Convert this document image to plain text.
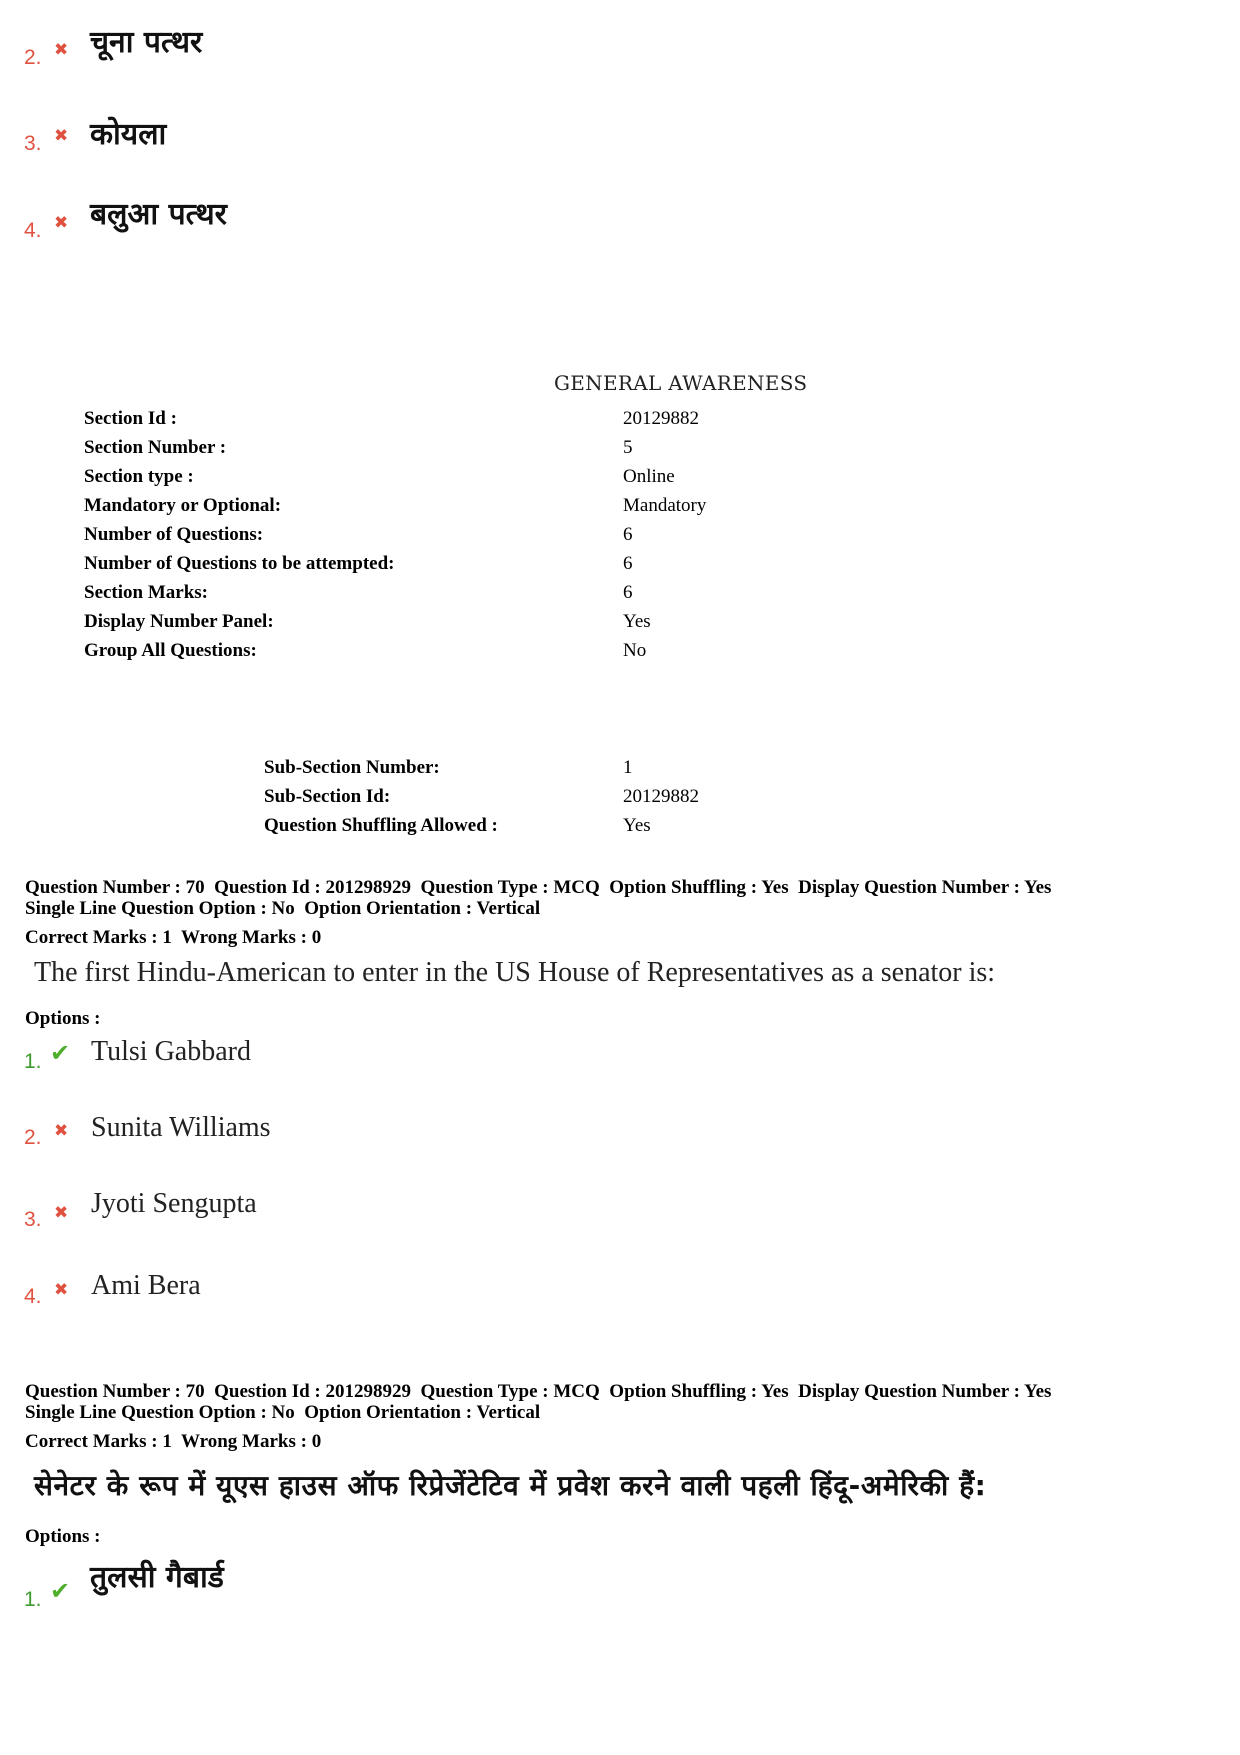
2. ✖ चूना पत्थर
3. ✖ कोयला
4. ✖ बलुआ पत्थर
GENERAL AWARENESS
Section Id :	20129882
Section Number :	5
Section type :	Online
Mandatory or Optional:	Mandatory
Number of Questions:	6
Number of Questions to be attempted:	6
Section Marks:	6
Display Number Panel:	Yes
Group All Questions:	No
Sub-Section Number:	1
Sub-Section Id:	20129882
Question Shuffling Allowed :	Yes
Question Number : 70  Question Id : 201298929  Question Type : MCQ  Option Shuffling : Yes  Display Question Number : Yes
Single Line Question Option : No  Option Orientation : Vertical
Correct Marks : 1  Wrong Marks : 0
The first Hindu-American to enter in the US House of Representatives as a senator is:
Options :
1. ✔ Tulsi Gabbard
2. ✖ Sunita Williams
3. ✖ Jyoti Sengupta
4. ✖ Ami Bera
Question Number : 70  Question Id : 201298929  Question Type : MCQ  Option Shuffling : Yes  Display Question Number : Yes
Single Line Question Option : No  Option Orientation : Vertical
Correct Marks : 1  Wrong Marks : 0
सेनेटर के रूप में यूएस हाउस ऑफ रिप्रेजेंटेटिव में प्रवेश करने वाली पहली हिंदू-अमेरिकी हैं:
Options :
1. ✔ तुलसी गैबार्ड
